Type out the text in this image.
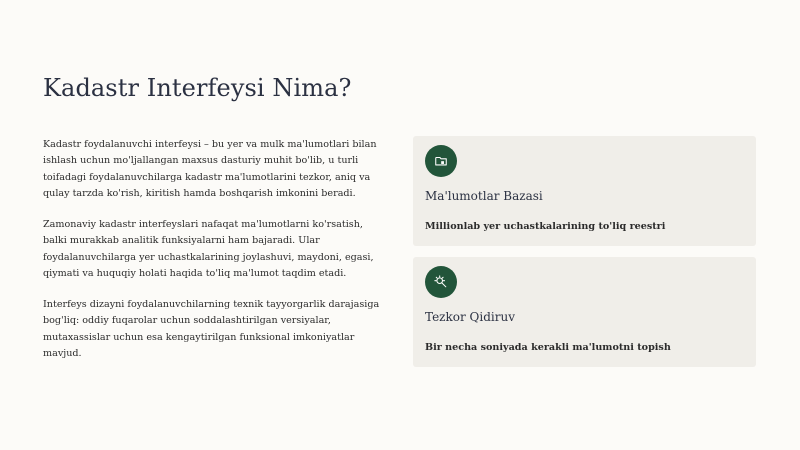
Kadastr Interfeysi Nima?

Kadastr foydalanuvchi interfeysi – bu yer va mulk ma'lumotlari bilan ishlash uchun mo'ljallangan maxsus dasturiy muhit bo'lib, u turli toifadagi foydalanuvchilarga kadastr ma'lumotlarini tezkor, aniq va qulay tarzda ko'rish, kiritish hamda boshqarish imkonini beradi.

Zamonaviy kadastr interfeyslari nafaqat ma'lumotlarni ko'rsatish, balki murakkab analitik funksiyalarni ham bajaradi. Ular foydalanuvchilarga yer uchastkalarining joylashuvi, maydoni, egasi, qiymati va huquqiy holati haqida to'liq ma'lumot taqdim etadi.

Interfeys dizayni foydalanuvchilarning texnik tayyorgarlik darajasiga bog'liq: oddiy fuqarolar uchun soddalashtirilgan versiyalar, mutaxassislar uchun esa kengaytirilgan funksional imkoniyatlar mavjud.

Ma'lumotlar Bazasi
Millionlab yer uchastkalarining to'liq reestri
Tezkor Qidiruv
Bir necha soniyada kerakli ma'lumotni topish
